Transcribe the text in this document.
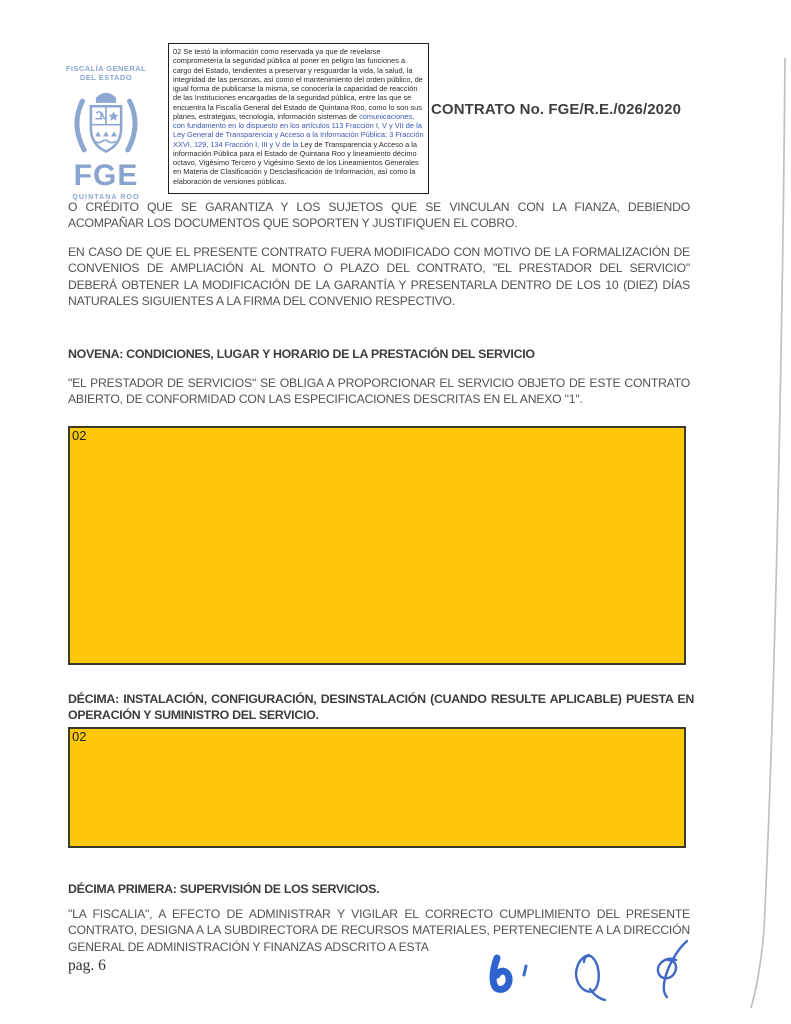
FISCALÍA GENERAL
DEL ESTADO
FGE
QUINTANA ROO
02 Se testó la información como reservada ya que de revelarse comprometería la seguridad pública al poner en peligro las funciones a cargo del Estado, tendientes a preservar y resguardar la vida, la salud, la integridad de las personas, así como el mantenimiento del orden público, de igual forma de publicarse la misma, se conocería la capacidad de reacción de las Instituciones encargadas de la seguridad pública, entre las que se encuentra la Fiscalía General del Estado de Quintana Roo, como lo son sus planes, estrategias, tecnología, información sistemas de comunicaciones, con fundamento en lo dispuesto en los artículos 113 Fracción I, V y VII de la Ley General de Transparencia y Acceso a la Información Pública; 3 Fracción XXVI, 129, 134 Fracción I, III y V de la Ley de Transparencia y Acceso a la información Pública para el Estado de Quintana Roo y lineamiento décimo octavo, Vigésimo Tercero y Vigésimo Sexto de los Lineamientos Generales en Materia de Clasificación y Desclasificación de Información, así como la elaboración de versiones públicas.
CONTRATO No. FGE/R.E./026/2020
O CRÉDITO QUE SE GARANTIZA Y LOS SUJETOS QUE SE VINCULAN CON LA FIANZA, DEBIENDO ACOMPAÑAR LOS DOCUMENTOS QUE SOPORTEN Y JUSTIFIQUEN EL COBRO.
EN CASO DE QUE EL PRESENTE CONTRATO FUERA MODIFICADO CON MOTIVO DE LA FORMALIZACIÓN DE CONVENIOS DE AMPLIACIÓN AL MONTO O PLAZO DEL CONTRATO, "EL PRESTADOR DEL SERVICIO" DEBERÁ OBTENER LA MODIFICACIÓN DE LA GARANTÍA Y PRESENTARLA DENTRO DE LOS 10 (DIEZ) DÍAS NATURALES SIGUIENTES A LA FIRMA DEL CONVENIO RESPECTIVO.
NOVENA: CONDICIONES, LUGAR Y HORARIO DE LA PRESTACIÓN DEL SERVICIO
"EL PRESTADOR DE SERVICIOS" SE OBLIGA A PROPORCIONAR EL SERVICIO OBJETO DE ESTE CONTRATO ABIERTO, DE CONFORMIDAD CON LAS ESPECIFICACIONES DESCRITAS EN EL ANEXO "1".
02
DÉCIMA: INSTALACIÓN, CONFIGURACIÓN, DESINSTALACIÓN (CUANDO RESULTE APLICABLE) PUESTA EN OPERACIÓN Y SUMINISTRO DEL SERVICIO.
02
DÉCIMA PRIMERA: SUPERVISIÓN DE LOS SERVICIOS.
"LA FISCALIA", A EFECTO DE ADMINISTRAR Y VIGILAR EL CORRECTO CUMPLIMIENTO DEL PRESENTE CONTRATO, DESIGNA A LA SUBDIRECTORA DE RECURSOS MATERIALES, PERTENECIENTE A LA DIRECCIÓN GENERAL DE ADMINISTRACIÓN Y FINANZAS ADSCRITO A ESTA
pag. 6
